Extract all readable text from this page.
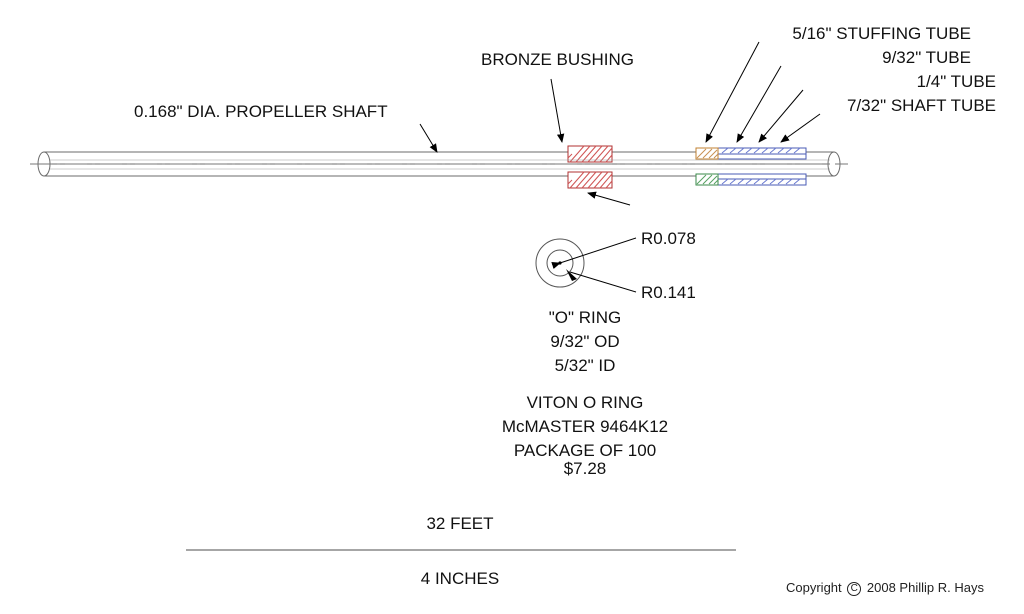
0.168" DIA. PROPELLER SHAFT
BRONZE BUSHING
5/16" STUFFING TUBE
9/32" TUBE
1/4" TUBE
7/32" SHAFT TUBE
R0.078
R0.141
"O" RING
9/32" OD
5/32" ID
VITON O RING
McMASTER 9464K12
PACKAGE OF 100
$7.28
32 FEET
4 INCHES	Copyright C 2008 Phillip R. Hays
